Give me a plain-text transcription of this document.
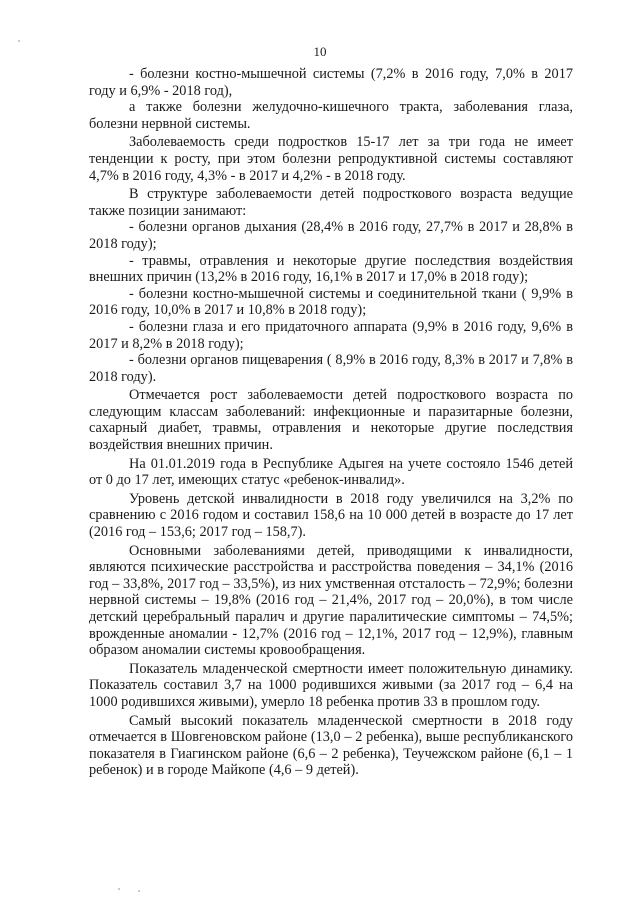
10

- болезни костно-мышечной системы (7,2% в 2016 году, 7,0% в 2017 году и 6,9% - 2018 год),

а также болезни желудочно-кишечного тракта, заболевания глаза, болезни нервной системы.

Заболеваемость среди подростков 15-17 лет за три года не имеет тенденции к росту, при этом болезни репродуктивной системы составляют 4,7% в 2016 году, 4,3% - в 2017 и 4,2% - в 2018 году.

В структуре заболеваемости детей подросткового возраста ведущие также позиции занимают:

- болезни органов дыхания (28,4% в 2016 году, 27,7% в 2017 и 28,8% в 2018 году);

- травмы, отравления и некоторые другие последствия воздействия внешних причин (13,2% в 2016 году, 16,1% в 2017 и 17,0% в 2018 году);

- болезни костно-мышечной системы и соединительной ткани ( 9,9% в 2016 году, 10,0% в 2017 и 10,8% в 2018 году);

- болезни глаза и его придаточного аппарата (9,9% в 2016 году, 9,6% в 2017 и 8,2% в 2018 году);

- болезни органов пищеварения ( 8,9% в 2016 году, 8,3% в 2017 и 7,8% в 2018 году).

Отмечается рост заболеваемости детей подросткового возраста по следующим классам заболеваний: инфекционные и паразитарные болезни, сахарный диабет, травмы, отравления и некоторые другие последствия воздействия внешних причин.

На 01.01.2019 года в Республике Адыгея на учете состояло 1546 детей от 0 до 17 лет, имеющих статус «ребенок-инвалид».

Уровень детской инвалидности в 2018 году увеличился на 3,2% по сравнению с 2016 годом и составил 158,6 на 10 000 детей в возрасте до 17 лет (2016 год – 153,6; 2017 год – 158,7).

Основными заболеваниями детей, приводящими к инвалидности, являются психические расстройства и расстройства поведения – 34,1% (2016 год – 33,8%, 2017 год – 33,5%), из них умственная отсталость – 72,9%; болезни нервной системы – 19,8% (2016 год – 21,4%, 2017 год – 20,0%), в том числе детский церебральный паралич и другие паралитические симптомы – 74,5%; врожденные аномалии - 12,7% (2016 год – 12,1%, 2017 год – 12,9%), главным образом аномалии системы кровообращения.

Показатель младенческой смертности имеет положительную динамику. Показатель составил 3,7 на 1000 родившихся живыми (за 2017 год – 6,4 на 1000 родившихся живыми), умерло 18 ребенка против 33 в прошлом году.

Самый высокий показатель младенческой смертности в 2018 году отмечается в Шовгеновском районе (13,0 – 2 ребенка), выше республиканского показателя в Гиагинском районе (6,6 – 2 ребенка), Теучежском районе (6,1 – 1 ребенок) и в городе Майкопе (4,6 – 9 детей).
